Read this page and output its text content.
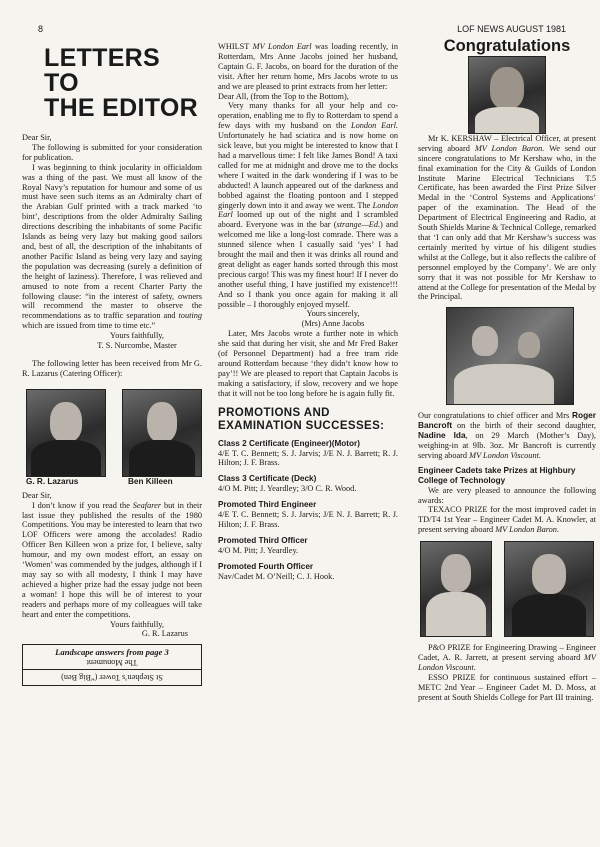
8	LOF NEWS AUGUST 1981
LETTERS TO
THE EDITOR

Dear Sir,

The following is submitted for your consideration for publication.

I was beginning to think jocularity in officialdom was a thing of the past. We must all know of the Royal Navy’s reputation for humour and some of us must have seen such items as an Admiralty chart of the Arabian Gulf printed with a track marked ‘to bint’, descriptions from the older Admiralty Sailing directions describing the inhabitants of some Pacific Islands as being very lazy but making good sailors and, best of all, the description of the inhabitants of another Pacific Island as being very lazy and saying the population was decreasing (surely a definition of the height of laziness). Therefore, I was relieved and amused to note from a recent Charter Party the following clause: “in the interest of safety, owners will recommend the master to observe the recommendations as to traffic separation and touting which are issued from time to time etc.”

Yours faithfully,

T. S. Nurcombe, Master

The following letter has been received from Mr G. R. Lazarus (Catering Officer):

G. R. Lazarus	Ben Killeen

Dear Sir,

I don’t know if you read the Seafarer but in their last issue they published the results of the 1980 Competitions. You may be interested to learn that two LOF Officers were among the accolades! Radio Officer Ben Killeen won a prize for, I believe, salty humour, and my own modest effort, an essay on ‘Women’ was commended by the judges, although if I may say so with all modesty, I think I may have achieved a higher prize had the essay judge not been a woman! I hope this will be of interest to your readers and perhaps more of my colleagues will take heart and enter the competitions.

Yours faithfully,

G. R. Lazarus

Landscape answers from page 3
The Monument
St Stephen’s Tower (“Big Ben)

WHILST MV London Earl was loading recently, in Rotterdam, Mrs Anne Jacobs joined her husband, Captain G. F. Jacobs, on board for the duration of the visit. After her return home, Mrs Jacobs wrote to us and we are pleased to print extracts from her letter:

Dear All, (from the Top to the Bottom),

Very many thanks for all your help and co-operation, enabling me to fly to Rotterdam to spend a few days with my husband on the London Earl. Unfortunately he had sciatica and is now home on sick leave, but you might be interested to know that I had a marvellous time: I felt like James Bond! A taxi called for me at midnight and drove me to the docks where I waited in the dark wondering if I was to be abducted! A launch appeared out of the darkness and bobbed against the floating pontoon and I stepped gingerly down into it and away we went. The London Earl loomed up out of the night and I scrambled aboard. Everyone was in the bar (strange—Ed.) and welcomed me like a long-lost comrade. There was a stunned silence when I casually said ‘yes’ I had brought the mail and then it was drinks all round and great delight as eager hands sorted through this most precious cargo! This was my finest hour! If I never do another useful thing, I have justified my existence!!! And so I thank you once again for making it all possible – I thoroughly enjoyed myself.

Yours sincerely,

(Mrs) Anne Jacobs

Later, Mrs Jacobs wrote a further note in which she said that during her visit, she and Mr Fred Baker (of Personnel Department) had a free tram ride around Rotterdam because ‘they didn’t know how to pay’!! We are pleased to report that Captain Jacobs is making a satisfactory, if slow, recovery and we hope that it will not be too long before he is again fully fit.

PROMOTIONS AND EXAMINATION SUCCESSES:
Class 2 Certificate (Engineer)(Motor)

4/E T. C. Bennett; S. J. Jarvis; J/E N. J. Barrett; R. J. Hilton; J. F. Brass.

Class 3 Certificate (Deck)

4/O M. Pitt; J. Yeardley; 3/O C. R. Wood.

Promoted Third Engineer

4/E T. C. Bennett; S. J. Jarvis; J/E N. J. Barrett; R. J. Hilton; J. F. Brass.

Promoted Third Officer

4/O M. Pitt; J. Yeardley.

Promoted Fourth Officer

Nav/Cadet M. O’Neill; C. J. Hook.

Congratulations

Mr K. KERSHAW – Electrical Officer, at present serving aboard MV London Baron. We send our sincere congratulations to Mr Kershaw who, in the final examination for the City & Guilds of London Institute Marine Electrical Technicians T.5 Certificate, has been awarded the First Prize Silver Medal in the ‘Control Systems and Applications’ paper of the examination. The Head of the Department of Electrical Engineering and Radio, at South Shields Marine & Technical College, remarked that ‘I can only add that Mr Kershaw’s success was certainly merited by virtue of his diligent studies whilst at the College, but it also reflects the calibre of personnel employed by the Company’. We are only sorry that it was not possible for Mr Kershaw to attend at the College for presentation of the Medal by the Principal.

Our congratulations to chief officer and Mrs Roger Bancroft on the birth of their second daughter, Nadine Ida, on 29 March (Mother’s Day), weighing-in at 9lb. 3oz. Mr Bancroft is currently serving aboard MV London Viscount.

Engineer Cadets take Prizes at Highbury College of Technology

We are very pleased to announce the following awards:

TEXACO PRIZE for the most improved cadet in TD/T4 1st Year – Engineer Cadet M. A. Knowler, at present serving aboard MV London Baron.

P&O PRIZE for Engineering Drawing – Engineer Cadet, A. R. Jarrett, at present serving aboard MV London Viscount.

ESSO PRIZE for continuous sustained effort – METC 2nd Year – Engineer Cadet M. D. Moss, at present at South Shields College for Part III training.
